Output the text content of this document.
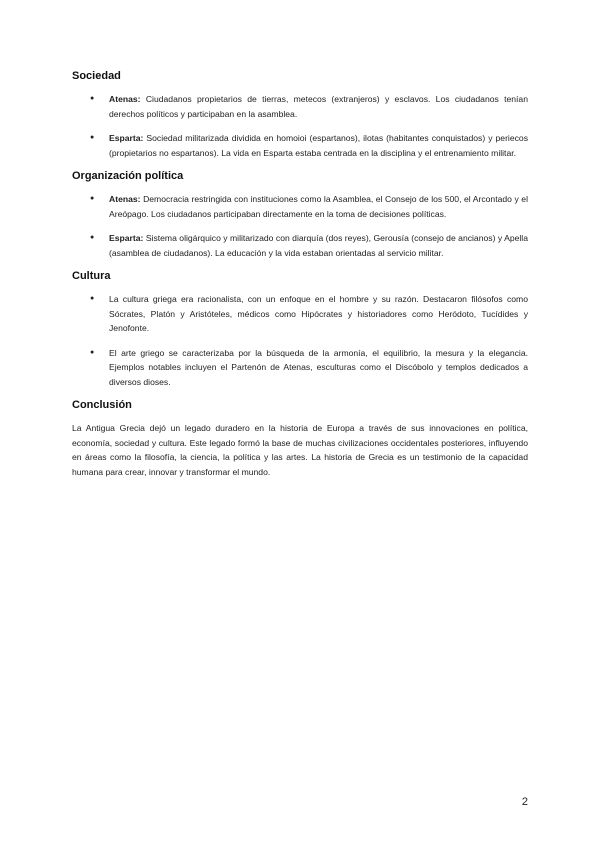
Sociedad
● Atenas: Ciudadanos propietarios de tierras, metecos (extranjeros) y esclavos. Los ciudadanos tenían derechos políticos y participaban en la asamblea.
● Esparta: Sociedad militarizada dividida en homoioi (espartanos), ilotas (habitantes conquistados) y periecos (propietarios no espartanos). La vida en Esparta estaba centrada en la disciplina y el entrenamiento militar.
Organización política
● Atenas: Democracia restringida con instituciones como la Asamblea, el Consejo de los 500, el Arcontado y el Areópago. Los ciudadanos participaban directamente en la toma de decisiones políticas.
● Esparta: Sistema oligárquico y militarizado con diarquía (dos reyes), Gerousía (consejo de ancianos) y Apella (asamblea de ciudadanos). La educación y la vida estaban orientadas al servicio militar.
Cultura
● La cultura griega era racionalista, con un enfoque en el hombre y su razón. Destacaron filósofos como Sócrates, Platón y Aristóteles, médicos como Hipócrates y historiadores como Heródoto, Tucídides y Jenofonte.
● El arte griego se caracterizaba por la búsqueda de la armonía, el equilibrio, la mesura y la elegancia. Ejemplos notables incluyen el Partenón de Atenas, esculturas como el Discóbolo y templos dedicados a diversos dioses.
Conclusión

La Antigua Grecia dejó un legado duradero en la historia de Europa a través de sus innovaciones en política, economía, sociedad y cultura. Este legado formó la base de muchas civilizaciones occidentales posteriores, influyendo en áreas como la filosofía, la ciencia, la política y las artes. La historia de Grecia es un testimonio de la capacidad humana para crear, innovar y transformar el mundo.

2
